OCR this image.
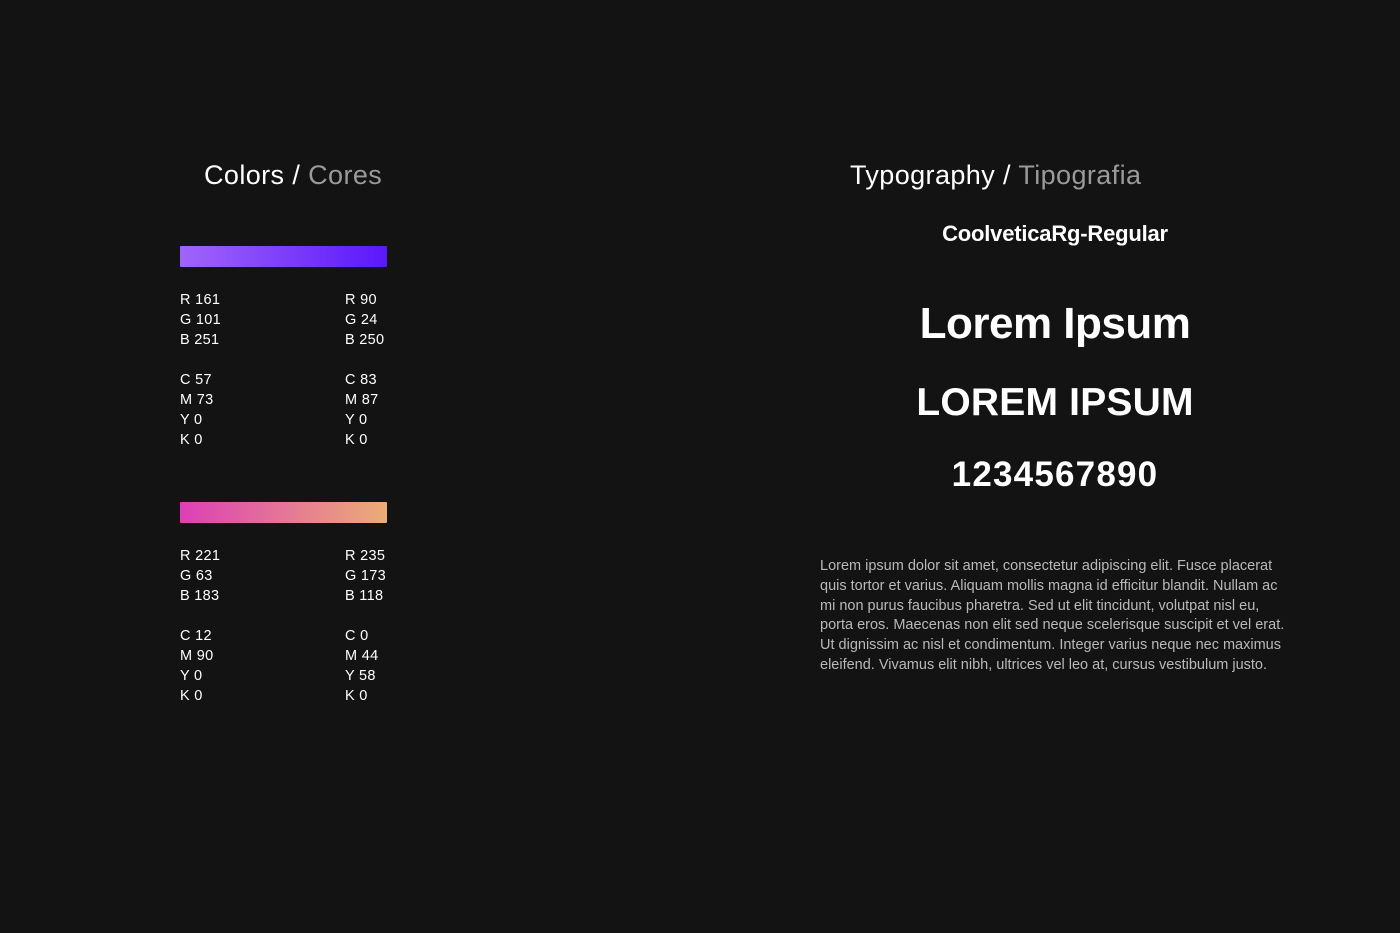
Colors / Cores
R 161
G 101
B 251
C 57
M 73
Y 0
K 0
R 90
G 24
B 250
C 83
M 87
Y 0
K 0
R 221
G 63
B 183
C 12
M 90
Y 0
K 0
R 235
G 173
B 118
C 0
M 44
Y 58
K 0
Typography / Tipografia
CoolveticaRg-Regular
Lorem Ipsum
LOREM IPSUM
1234567890
Lorem ipsum dolor sit amet, consectetur adipiscing elit. Fusce placerat quis tortor et varius. Aliquam mollis magna id efficitur blandit. Nullam ac mi non purus faucibus pharetra. Sed ut elit tincidunt, volutpat nisl eu, porta eros. Maecenas non elit sed neque scelerisque suscipit et vel erat. Ut dignissim ac nisl et condimentum. Integer varius neque nec maximus eleifend. Vivamus elit nibh, ultrices vel leo at, cursus vestibulum justo.
